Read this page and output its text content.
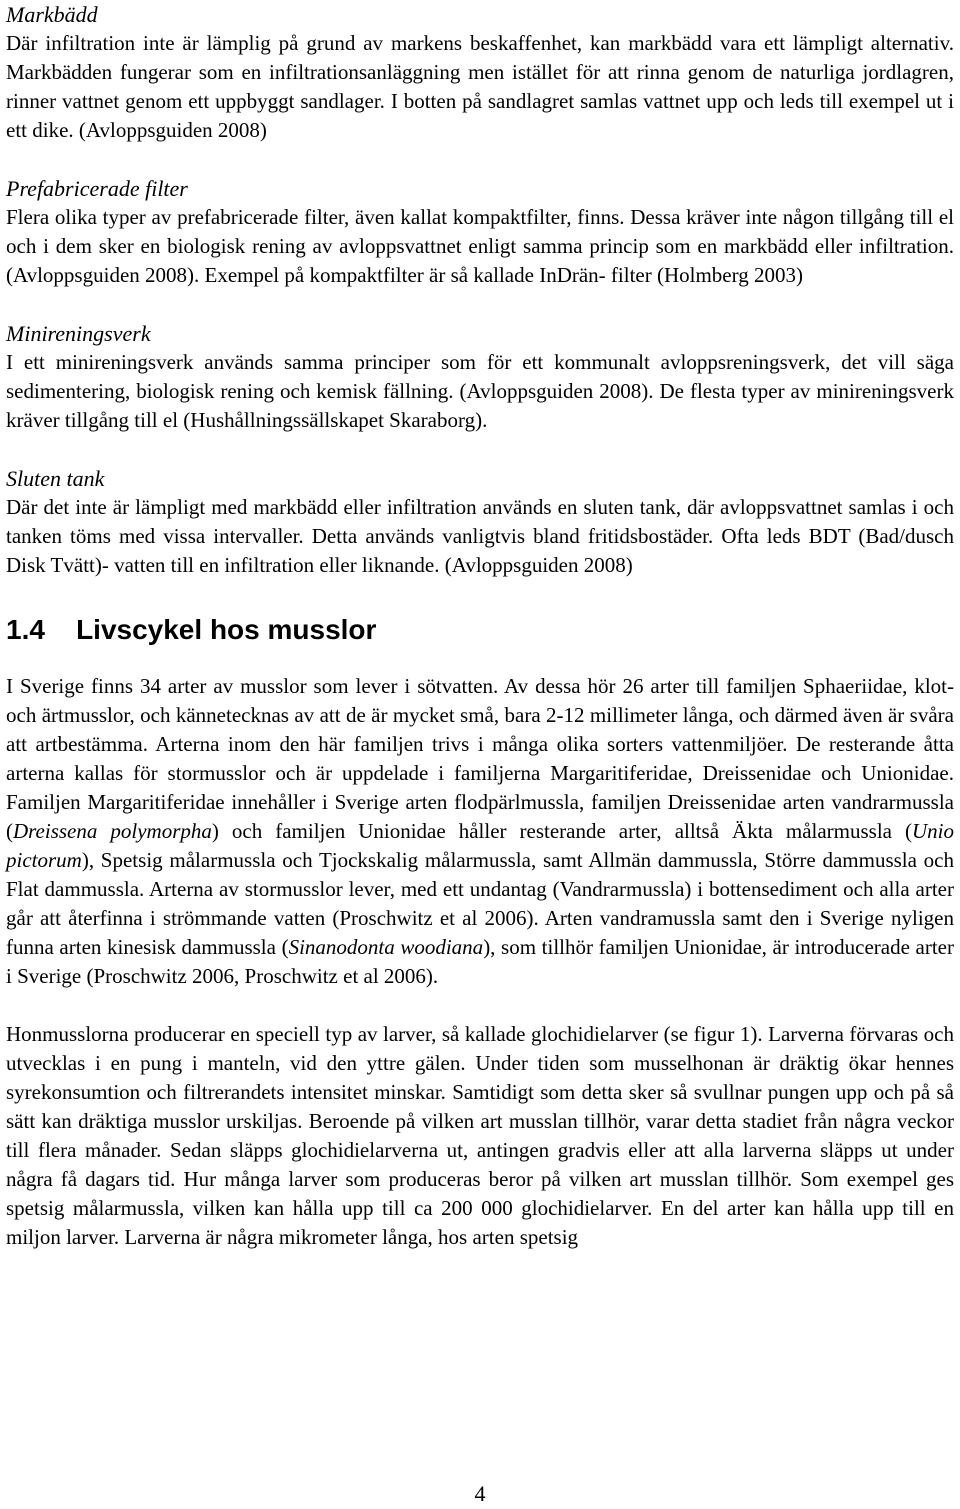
Markbädd

Där infiltration inte är lämplig på grund av markens beskaffenhet, kan markbädd vara ett lämpligt alternativ. Markbädden fungerar som en infiltrationsanläggning men istället för att rinna genom de naturliga jordlagren, rinner vattnet genom ett uppbyggt sandlager. I botten på sandlagret samlas vattnet upp och leds till exempel ut i ett dike. (Avloppsguiden 2008)

Prefabricerade filter

Flera olika typer av prefabricerade filter, även kallat kompaktfilter, finns. Dessa kräver inte någon tillgång till el och i dem sker en biologisk rening av avloppsvattnet enligt samma princip som en markbädd eller infiltration. (Avloppsguiden 2008). Exempel på kompaktfilter är så kallade InDrän- filter (Holmberg 2003)

Minireningsverk

I ett minireningsverk används samma principer som för ett kommunalt avloppsreningsverk, det vill säga sedimentering, biologisk rening och kemisk fällning. (Avloppsguiden 2008). De flesta typer av minireningsverk kräver tillgång till el (Hushållningssällskapet Skaraborg).

Sluten tank

Där det inte är lämpligt med markbädd eller infiltration används en sluten tank, där avloppsvattnet samlas i och tanken töms med vissa intervaller. Detta används vanligtvis bland fritidsbostäder. Ofta leds BDT (Bad/dusch Disk Tvätt)- vatten till en infiltration eller liknande. (Avloppsguiden 2008)

1.4 Livscykel hos musslor

I Sverige finns 34 arter av musslor som lever i sötvatten. Av dessa hör 26 arter till familjen Sphaeriidae, klot- och ärtmusslor, och kännetecknas av att de är mycket små, bara 2-12 millimeter långa, och därmed även är svåra att artbestämma. Arterna inom den här familjen trivs i många olika sorters vattenmiljöer. De resterande åtta arterna kallas för stormusslor och är uppdelade i familjerna Margaritiferidae, Dreissenidae och Unionidae. Familjen Margaritiferidae innehåller i Sverige arten flodpärlmussla, familjen Dreissenidae arten vandrarmussla (Dreissena polymorpha) och familjen Unionidae håller resterande arter, alltså Äkta målarmussla (Unio pictorum), Spetsig målarmussla och Tjockskalig målarmussla, samt Allmän dammussla, Större dammussla och Flat dammussla. Arterna av stormusslor lever, med ett undantag (Vandrarmussla) i bottensediment och alla arter går att återfinna i strömmande vatten (Proschwitz et al 2006). Arten vandramussla samt den i Sverige nyligen funna arten kinesisk dammussla (Sinanodonta woodiana), som tillhör familjen Unionidae, är introducerade arter i Sverige (Proschwitz 2006, Proschwitz et al 2006).

Honmusslorna producerar en speciell typ av larver, så kallade glochidielarver (se figur 1). Larverna förvaras och utvecklas i en pung i manteln, vid den yttre gälen. Under tiden som musselhonan är dräktig ökar hennes syrekonsumtion och filtrerandets intensitet minskar. Samtidigt som detta sker så svullnar pungen upp och på så sätt kan dräktiga musslor urskiljas. Beroende på vilken art musslan tillhör, varar detta stadiet från några veckor till flera månader. Sedan släpps glochidielarverna ut, antingen gradvis eller att alla larverna släpps ut under några få dagars tid. Hur många larver som produceras beror på vilken art musslan tillhör. Som exempel ges spetsig målarmussla, vilken kan hålla upp till ca 200 000 glochidielarver. En del arter kan hålla upp till en miljon larver. Larverna är några mikrometer långa, hos arten spetsig

4
